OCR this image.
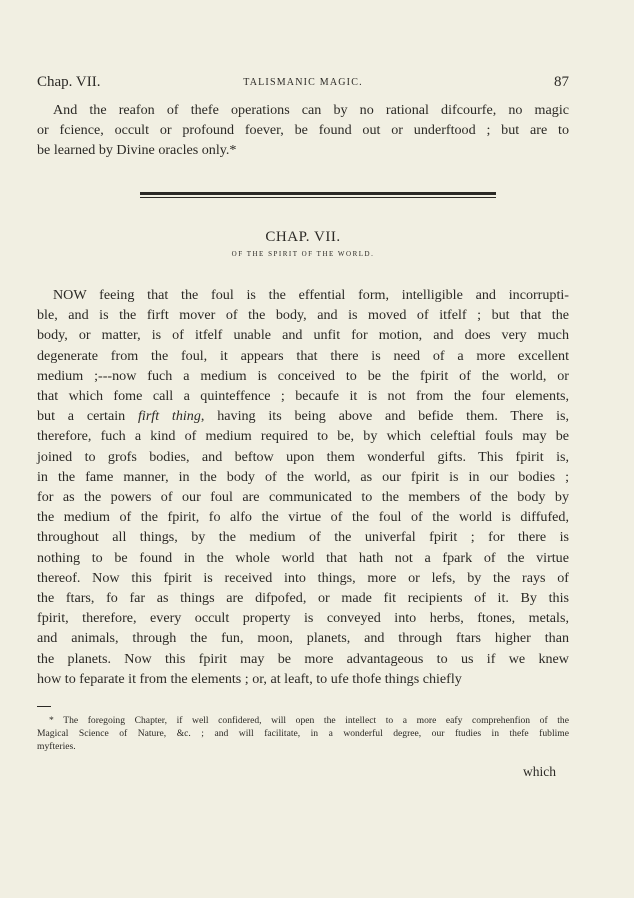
Chap. VII.	TALISMANIC MAGIC.	87
And the reafon of thefe operations can by no rational difcourfe, no magic
or fcience, occult or profound foever, be found out or underftood ; but are to
be learned by Divine oracles only.*
CHAP. VII.
OF THE SPIRIT OF THE WORLD.
NOW feeing that the foul is the effential form, intelligible and incorrupti-
ble, and is the firft mover of the body, and is moved of itfelf ; but that the
body, or matter, is of itfelf unable and unfit for motion, and does very much
degenerate from the foul, it appears that there is need of a more excellent
medium ;---now fuch a medium is conceived to be the fpirit of the world, or
that which fome call a quinteffence ; becaufe it is not from the four elements,
but a certain firft thing, having its being above and befide them. There is,
therefore, fuch a kind of medium required to be, by which celeftial fouls may be
joined to grofs bodies, and beftow upon them wonderful gifts. This fpirit is,
in the fame manner, in the body of the world, as our fpirit is in our bodies ;
for as the powers of our foul are communicated to the members of the body by
the medium of the fpirit, fo alfo the virtue of the foul of the world is diffufed,
throughout all things, by the medium of the univerfal fpirit ; for there is
nothing to be found in the whole world that hath not a fpark of the virtue
thereof. Now this fpirit is received into things, more or lefs, by the rays of
the ftars, fo far as things are difpofed, or made fit recipients of it. By this
fpirit, therefore, every occult property is conveyed into herbs, ftones, metals,
and animals, through the fun, moon, planets, and through ftars higher than
the planets. Now this fpirit may be more advantageous to us if we knew
how to feparate it from the elements ; or, at leaft, to ufe thofe things chiefly
* The foregoing Chapter, if well confidered, will open the intellect to a more eafy comprehenfion of the
Magical Science of Nature, &c. ; and will facilitate, in a wonderful degree, our ftudies in thefe fublime
myfteries.
which
